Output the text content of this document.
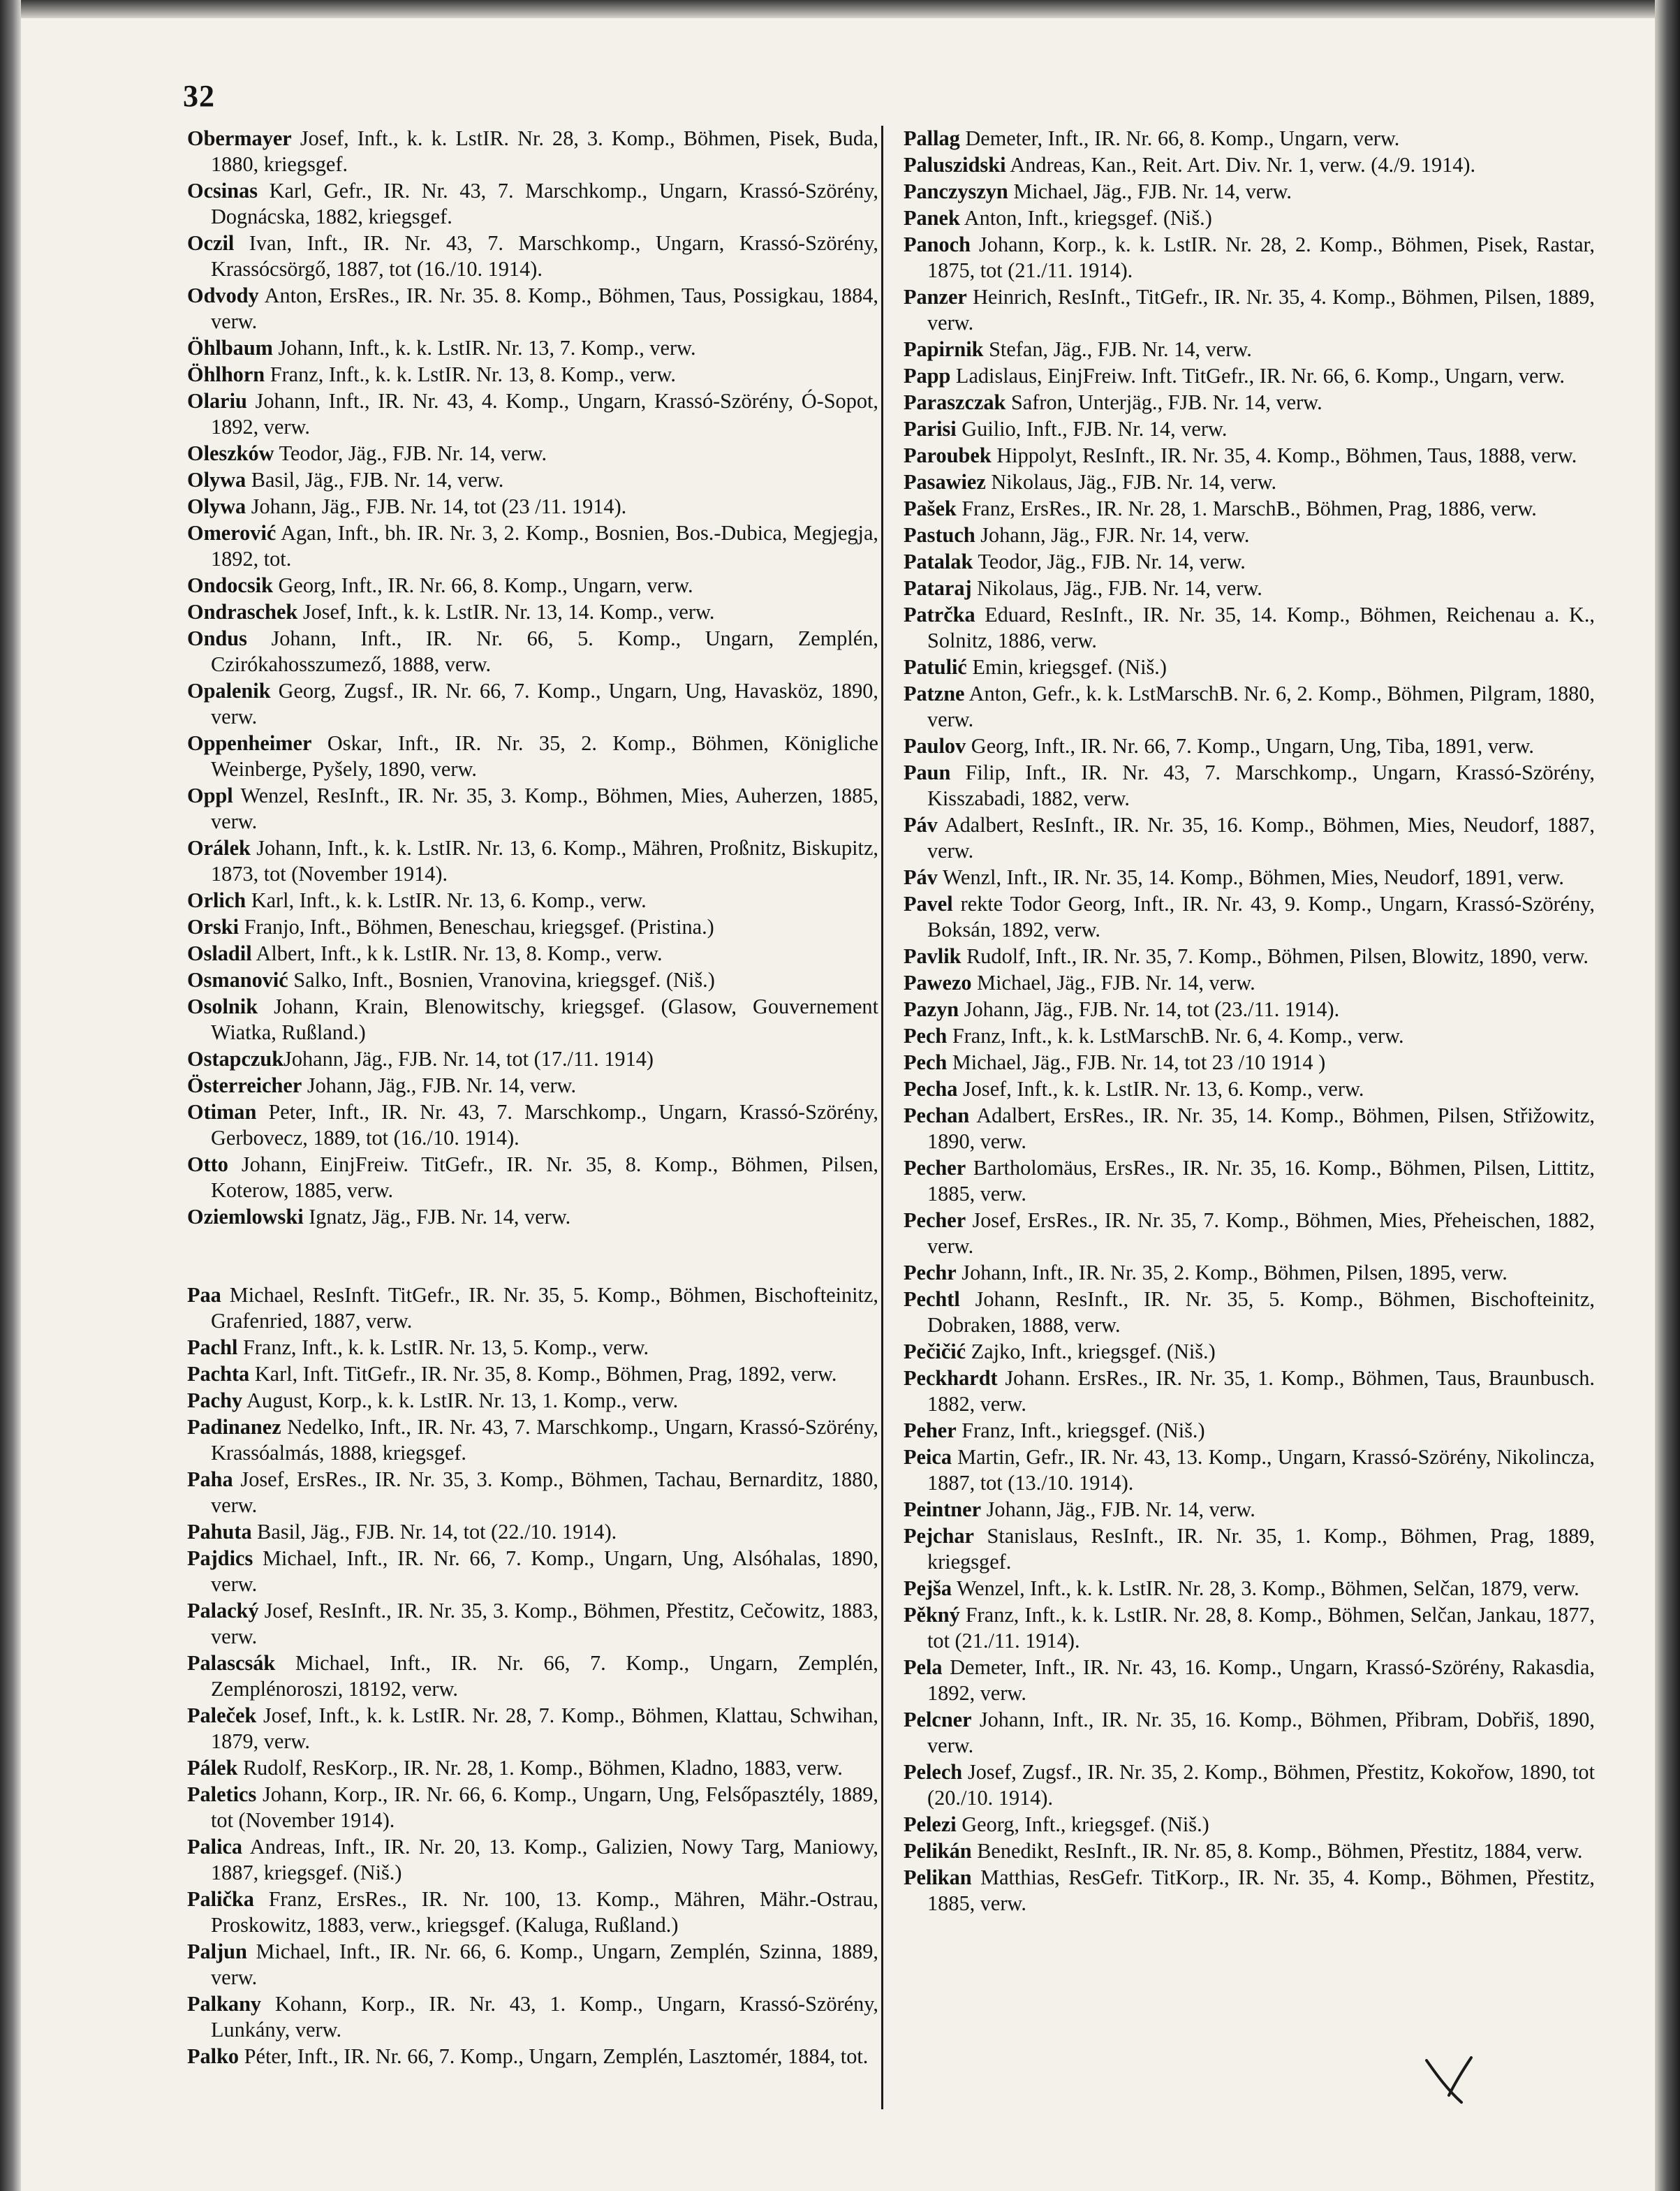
32
Obermayer Josef, Inft., k. k. LstIR. Nr. 28, 3. Komp., Böhmen, Pisek, Buda, 1880, kriegsgef.
Ocsinas Karl, Gefr., IR. Nr. 43, 7. Marschkomp., Ungarn, Krassó-Szörény, Dognácska, 1882, kriegsgef.
Oczil Ivan, Inft., IR. Nr. 43, 7. Marschkomp., Ungarn, Krassó-Szörény, Krassócsörgő, 1887, tot (16./10. 1914).
Odvody Anton, ErsRes., IR. Nr. 35. 8. Komp., Böhmen, Taus, Possigkau, 1884, verw.
Öhlbaum Johann, Inft., k. k. LstIR. Nr. 13, 7. Komp., verw.
Öhlhorn Franz, Inft., k. k. LstIR. Nr. 13, 8. Komp., verw.
Olariu Johann, Inft., IR. Nr. 43, 4. Komp., Ungarn, Krassó-Szörény, Ó-Sopot, 1892, verw.
Oleszków Teodor, Jäg., FJB. Nr. 14, verw.
Olywa Basil, Jäg., FJB. Nr. 14, verw.
Olywa Johann, Jäg., FJB. Nr. 14, tot (23 /11. 1914).
Omerović Agan, Inft., bh. IR. Nr. 3, 2. Komp., Bosnien, Bos.-Dubica, Megjegja, 1892, tot.
Ondocsik Georg, Inft., IR. Nr. 66, 8. Komp., Ungarn, verw.
Ondraschek Josef, Inft., k. k. LstIR. Nr. 13, 14. Komp., verw.
Ondus Johann, Inft., IR. Nr. 66, 5. Komp., Ungarn, Zemplén, Czirókahosszumező, 1888, verw.
Opalenik Georg, Zugsf., IR. Nr. 66, 7. Komp., Ungarn, Ung, Havasköz, 1890, verw.
Oppenheimer Oskar, Inft., IR. Nr. 35, 2. Komp., Böhmen, Königliche Weinberge, Pyšely, 1890, verw.
Oppl Wenzel, ResInft., IR. Nr. 35, 3. Komp., Böhmen, Mies, Auherzen, 1885, verw.
Orálek Johann, Inft., k. k. LstIR. Nr. 13, 6. Komp., Mähren, Proßnitz, Biskupitz, 1873, tot (November 1914).
Orlich Karl, Inft., k. k. LstIR. Nr. 13, 6. Komp., verw.
Orski Franjo, Inft., Böhmen, Beneschau, kriegsgef. (Pristina.)
Osladil Albert, Inft., k k. LstIR. Nr. 13, 8. Komp., verw.
Osmanović Salko, Inft., Bosnien, Vranovina, kriegsgef. (Niš.)
Osolnik Johann, Krain, Blenowitschy, kriegsgef. (Glasow, Gouvernement Wiatka, Rußland.)
OstapczukJohann, Jäg., FJB. Nr. 14, tot (17./11. 1914)
Österreicher Johann, Jäg., FJB. Nr. 14, verw.
Otiman Peter, Inft., IR. Nr. 43, 7. Marschkomp., Ungarn, Krassó-Szörény, Gerbovecz, 1889, tot (16./10. 1914).
Otto Johann, EinjFreiw. TitGefr., IR. Nr. 35, 8. Komp., Böhmen, Pilsen, Koterow, 1885, verw.
Oziemlowski Ignatz, Jäg., FJB. Nr. 14, verw.
Paa Michael, ResInft. TitGefr., IR. Nr. 35, 5. Komp., Böhmen, Bischofteinitz, Grafenried, 1887, verw.
Pachl Franz, Inft., k. k. LstIR. Nr. 13, 5. Komp., verw.
Pachta Karl, Inft. TitGefr., IR. Nr. 35, 8. Komp., Böhmen, Prag, 1892, verw.
Pachy August, Korp., k. k. LstIR. Nr. 13, 1. Komp., verw.
Padinanez Nedelko, Inft., IR. Nr. 43, 7. Marschkomp., Ungarn, Krassó-Szörény, Krassóalmás, 1888, kriegsgef.
Paha Josef, ErsRes., IR. Nr. 35, 3. Komp., Böhmen, Tachau, Bernarditz, 1880, verw.
Pahuta Basil, Jäg., FJB. Nr. 14, tot (22./10. 1914).
Pajdics Michael, Inft., IR. Nr. 66, 7. Komp., Ungarn, Ung, Alsóhalas, 1890, verw.
Palacký Josef, ResInft., IR. Nr. 35, 3. Komp., Böhmen, Přestitz, Cečowitz, 1883, verw.
Palascsák Michael, Inft., IR. Nr. 66, 7. Komp., Ungarn, Zemplén, Zemplénoroszi, 18192, verw.
Paleček Josef, Inft., k. k. LstIR. Nr. 28, 7. Komp., Böhmen, Klattau, Schwihan, 1879, verw.
Pálek Rudolf, ResKorp., IR. Nr. 28, 1. Komp., Böhmen, Kladno, 1883, verw.
Paletics Johann, Korp., IR. Nr. 66, 6. Komp., Ungarn, Ung, Felsőpasztély, 1889, tot (November 1914).
Palica Andreas, Inft., IR. Nr. 20, 13. Komp., Galizien, Nowy Targ, Maniowy, 1887, kriegsgef. (Niš.)
Palička Franz, ErsRes., IR. Nr. 100, 13. Komp., Mähren, Mähr.-Ostrau, Proskowitz, 1883, verw., kriegsgef. (Kaluga, Rußland.)
Paljun Michael, Inft., IR. Nr. 66, 6. Komp., Ungarn, Zemplén, Szinna, 1889, verw.
Palkany Kohann, Korp., IR. Nr. 43, 1. Komp., Ungarn, Krassó-Szörény, Lunkány, verw.
Palko Péter, Inft., IR. Nr. 66, 7. Komp., Ungarn, Zemplén, Lasztomér, 1884, tot.
Pallag Demeter, Inft., IR. Nr. 66, 8. Komp., Ungarn, verw.
Paluszidski Andreas, Kan., Reit. Art. Div. Nr. 1, verw. (4./9. 1914).
Panczyszyn Michael, Jäg., FJB. Nr. 14, verw.
Panek Anton, Inft., kriegsgef. (Niš.)
Panoch Johann, Korp., k. k. LstIR. Nr. 28, 2. Komp., Böhmen, Pisek, Rastar, 1875, tot (21./11. 1914).
Panzer Heinrich, ResInft., TitGefr., IR. Nr. 35, 4. Komp., Böhmen, Pilsen, 1889, verw.
Papirnik Stefan, Jäg., FJB. Nr. 14, verw.
Papp Ladislaus, EinjFreiw. Inft. TitGefr., IR. Nr. 66, 6. Komp., Ungarn, verw.
Paraszczak Safron, Unterjäg., FJB. Nr. 14, verw.
Parisi Guilio, Inft., FJB. Nr. 14, verw.
Paroubek Hippolyt, ResInft., IR. Nr. 35, 4. Komp., Böhmen, Taus, 1888, verw.
Pasawiez Nikolaus, Jäg., FJB. Nr. 14, verw.
Pašek Franz, ErsRes., IR. Nr. 28, 1. MarschB., Böhmen, Prag, 1886, verw.
Pastuch Johann, Jäg., FJR. Nr. 14, verw.
Patalak Teodor, Jäg., FJB. Nr. 14, verw.
Pataraj Nikolaus, Jäg., FJB. Nr. 14, verw.
Patrčka Eduard, ResInft., IR. Nr. 35, 14. Komp., Böhmen, Reichenau a. K., Solnitz, 1886, verw.
Patulić Emin, kriegsgef. (Niš.)
Patzne Anton, Gefr., k. k. LstMarschB. Nr. 6, 2. Komp., Böhmen, Pilgram, 1880, verw.
Paulov Georg, Inft., IR. Nr. 66, 7. Komp., Ungarn, Ung, Tiba, 1891, verw.
Paun Filip, Inft., IR. Nr. 43, 7. Marschkomp., Ungarn, Krassó-Szörény, Kisszabadi, 1882, verw.
Páv Adalbert, ResInft., IR. Nr. 35, 16. Komp., Böhmen, Mies, Neudorf, 1887, verw.
Páv Wenzl, Inft., IR. Nr. 35, 14. Komp., Böhmen, Mies, Neudorf, 1891, verw.
Pavel rekte Todor Georg, Inft., IR. Nr. 43, 9. Komp., Ungarn, Krassó-Szörény, Boksán, 1892, verw.
Pavlik Rudolf, Inft., IR. Nr. 35, 7. Komp., Böhmen, Pilsen, Blowitz, 1890, verw.
Pawezo Michael, Jäg., FJB. Nr. 14, verw.
Pazyn Johann, Jäg., FJB. Nr. 14, tot (23./11. 1914).
Pech Franz, Inft., k. k. LstMarschB. Nr. 6, 4. Komp., verw.
Pech Michael, Jäg., FJB. Nr. 14, tot 23 /10 1914 )
Pecha Josef, Inft., k. k. LstIR. Nr. 13, 6. Komp., verw.
Pechan Adalbert, ErsRes., IR. Nr. 35, 14. Komp., Böhmen, Pilsen, Střižowitz, 1890, verw.
Pecher Bartholomäus, ErsRes., IR. Nr. 35, 16. Komp., Böhmen, Pilsen, Littitz, 1885, verw.
Pecher Josef, ErsRes., IR. Nr. 35, 7. Komp., Böhmen, Mies, Přeheischen, 1882, verw.
Pechr Johann, Inft., IR. Nr. 35, 2. Komp., Böhmen, Pilsen, 1895, verw.
Pechtl Johann, ResInft., IR. Nr. 35, 5. Komp., Böhmen, Bischofteinitz, Dobraken, 1888, verw.
Pečičić Zajko, Inft., kriegsgef. (Niš.)
Peckhardt Johann. ErsRes., IR. Nr. 35, 1. Komp., Böhmen, Taus, Braunbusch. 1882, verw.
Peher Franz, Inft., kriegsgef. (Niš.)
Peica Martin, Gefr., IR. Nr. 43, 13. Komp., Ungarn, Krassó-Szörény, Nikolincza, 1887, tot (13./10. 1914).
Peintner Johann, Jäg., FJB. Nr. 14, verw.
Pejchar Stanislaus, ResInft., IR. Nr. 35, 1. Komp., Böhmen, Prag, 1889, kriegsgef.
Pejša Wenzel, Inft., k. k. LstIR. Nr. 28, 3. Komp., Böhmen, Selčan, 1879, verw.
Pěkný Franz, Inft., k. k. LstIR. Nr. 28, 8. Komp., Böhmen, Selčan, Jankau, 1877, tot (21./11. 1914).
Pela Demeter, Inft., IR. Nr. 43, 16. Komp., Ungarn, Krassó-Szörény, Rakasdia, 1892, verw.
Pelcner Johann, Inft., IR. Nr. 35, 16. Komp., Böhmen, Přibram, Dobřiš, 1890, verw.
Pelech Josef, Zugsf., IR. Nr. 35, 2. Komp., Böhmen, Přestitz, Kokořow, 1890, tot (20./10. 1914).
Pelezi Georg, Inft., kriegsgef. (Niš.)
Pelikán Benedikt, ResInft., IR. Nr. 85, 8. Komp., Böhmen, Přestitz, 1884, verw.
Pelikan Matthias, ResGefr. TitKorp., IR. Nr. 35, 4. Komp., Böhmen, Přestitz, 1885, verw.
